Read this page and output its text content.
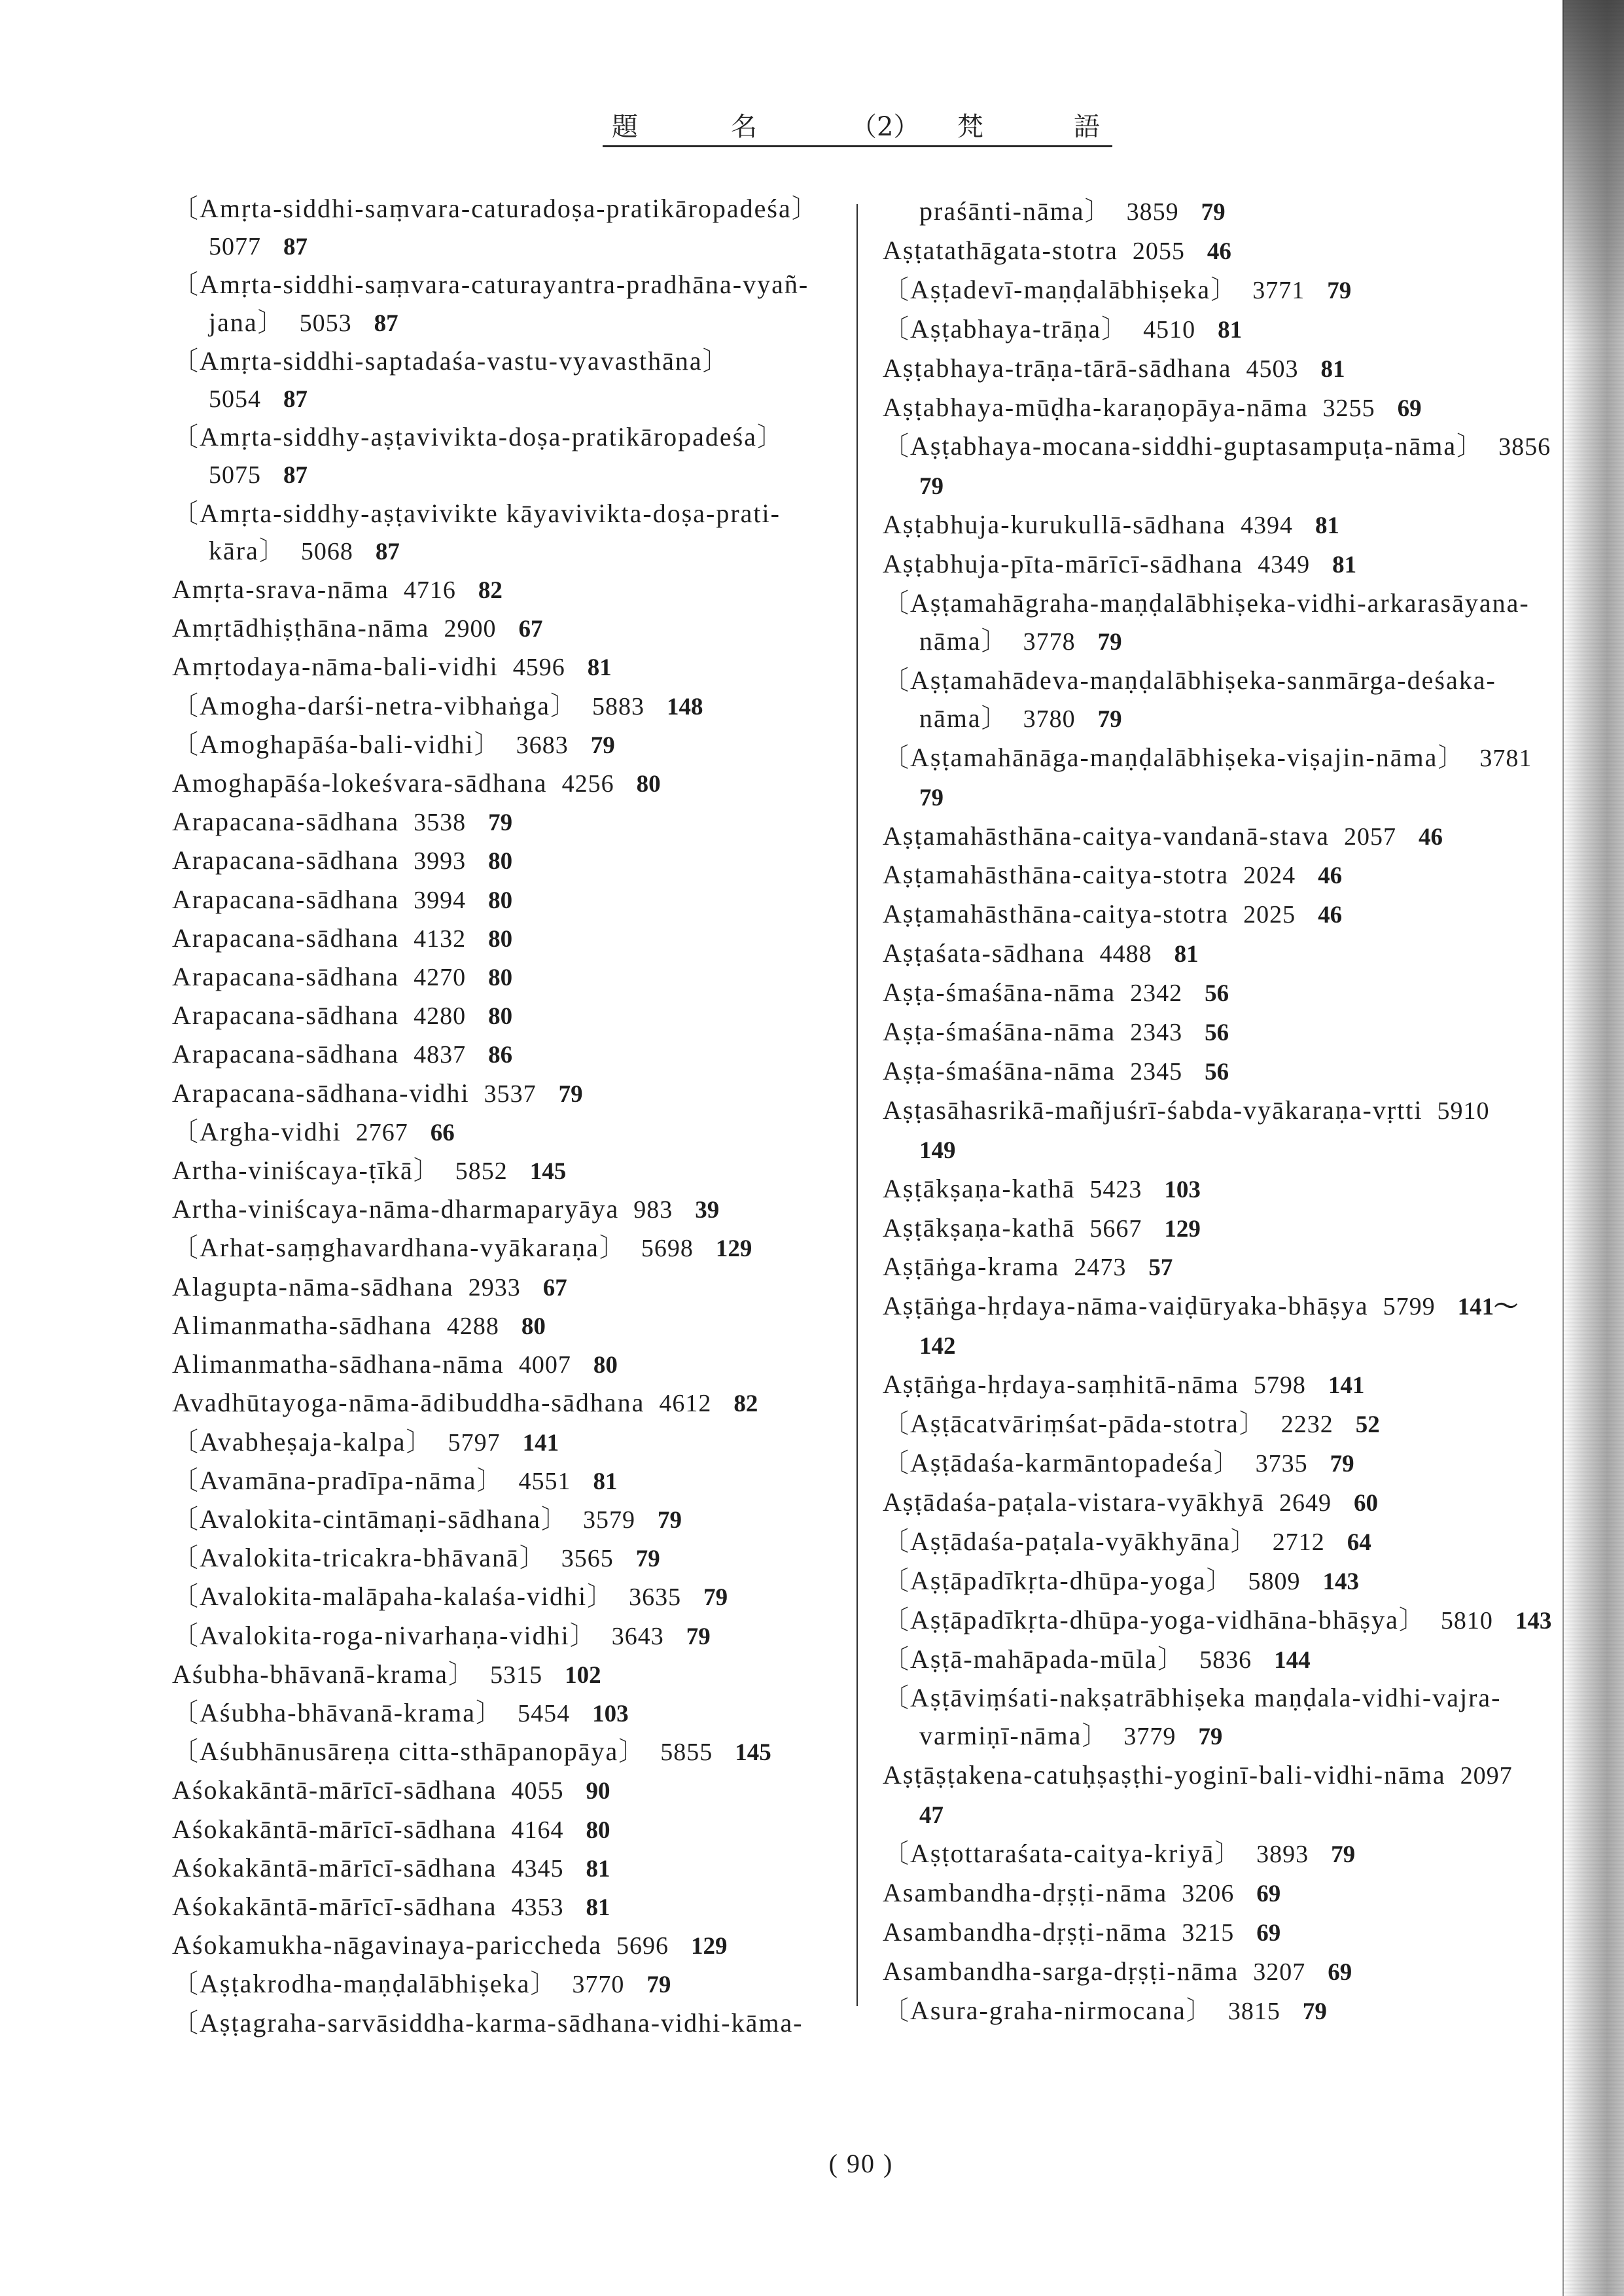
題名 （2） 梵語
〔Amṛta-siddhi-saṃvara-caturadoṣa-pratikāropadeśa〕
5077 87
〔Amṛta-siddhi-saṃvara-caturayantra-pradhāna-vyañ-
jana〕 5053 87
〔Amṛta-siddhi-saptadaśa-vastu-vyavasthāna〕
5054 87
〔Amṛta-siddhy-aṣṭavivikta-doṣa-pratikāropadeśa〕
5075 87
〔Amṛta-siddhy-aṣṭavivikte kāyavivikta-doṣa-prati-
kāra〕 5068 87
Amṛta-srava-nāma 4716 82
Amṛtādhiṣṭhāna-nāma 2900 67
Amṛtodaya-nāma-bali-vidhi 4596 81
〔Amogha-darśi-netra-vibhaṅga〕 5883 148
〔Amoghapāśa-bali-vidhi〕 3683 79
Amoghapāśa-lokeśvara-sādhana 4256 80
Arapacana-sādhana 3538 79
Arapacana-sādhana 3993 80
Arapacana-sādhana 3994 80
Arapacana-sādhana 4132 80
Arapacana-sādhana 4270 80
Arapacana-sādhana 4280 80
Arapacana-sādhana 4837 86
Arapacana-sādhana-vidhi 3537 79
〔Argha-vidhi 2767 66
Artha-viniścaya-ṭīkā〕 5852 145
Artha-viniścaya-nāma-dharmaparyāya 983 39
〔Arhat-saṃghavardhana-vyākaraṇa〕 5698 129
Alagupta-nāma-sādhana 2933 67
Alimanmatha-sādhana 4288 80
Alimanmatha-sādhana-nāma 4007 80
Avadhūtayoga-nāma-ādibuddha-sādhana 4612 82
〔Avabheṣaja-kalpa〕 5797 141
〔Avamāna-pradīpa-nāma〕 4551 81
〔Avalokita-cintāmaṇi-sādhana〕 3579 79
〔Avalokita-tricakra-bhāvanā〕 3565 79
〔Avalokita-malāpaha-kalaśa-vidhi〕 3635 79
〔Avalokita-roga-nivarhaṇa-vidhi〕 3643 79
Aśubha-bhāvanā-krama〕 5315 102
〔Aśubha-bhāvanā-krama〕 5454 103
〔Aśubhānusāreṇa citta-sthāpanopāya〕 5855 145
Aśokakāntā-mārīcī-sādhana 4055 90
Aśokakāntā-mārīcī-sādhana 4164 80
Aśokakāntā-mārīcī-sādhana 4345 81
Aśokakāntā-mārīcī-sādhana 4353 81
Aśokamukha-nāgavinaya-pariccheda 5696 129
〔Aṣṭakrodha-maṇḍalābhiṣeka〕 3770 79
〔Aṣṭagraha-sarvāsiddha-karma-sādhana-vidhi-kāma-
praśānti-nāma〕 3859 79
Aṣṭatathāgata-stotra 2055 46
〔Aṣṭadevī-maṇḍalābhiṣeka〕 3771 79
〔Aṣṭabhaya-trāṇa〕 4510 81
Aṣṭabhaya-trāṇa-tārā-sādhana 4503 81
Aṣṭabhaya-mūḍha-karaṇopāya-nāma 3255 69
〔Aṣṭabhaya-mocana-siddhi-guptasampuṭa-nāma〕 3856
79
Aṣṭabhuja-kurukullā-sādhana 4394 81
Aṣṭabhuja-pīta-mārīcī-sādhana 4349 81
〔Aṣṭamahāgraha-maṇḍalābhiṣeka-vidhi-arkarasāyana-
nāma〕 3778 79
〔Aṣṭamahādeva-maṇḍalābhiṣeka-sanmārga-deśaka-
nāma〕 3780 79
〔Aṣṭamahānāga-maṇḍalābhiṣeka-viṣajin-nāma〕 3781
79
Aṣṭamahāsthāna-caitya-vandanā-stava 2057 46
Aṣṭamahāsthāna-caitya-stotra 2024 46
Aṣṭamahāsthāna-caitya-stotra 2025 46
Aṣṭaśata-sādhana 4488 81
Aṣṭa-śmaśāna-nāma 2342 56
Aṣṭa-śmaśāna-nāma 2343 56
Aṣṭa-śmaśāna-nāma 2345 56
Aṣṭasāhasrikā-mañjuśrī-śabda-vyākaraṇa-vṛtti 5910
149
Aṣṭākṣaṇa-kathā 5423 103
Aṣṭākṣaṇa-kathā 5667 129
Aṣṭāṅga-krama 2473 57
Aṣṭāṅga-hṛdaya-nāma-vaiḍūryaka-bhāṣya 5799 141～
142
Aṣṭāṅga-hṛdaya-saṃhitā-nāma 5798 141
〔Aṣṭācatvāriṃśat-pāda-stotra〕 2232 52
〔Aṣṭādaśa-karmāntopadeśa〕 3735 79
Aṣṭādaśa-paṭala-vistara-vyākhyā 2649 60
〔Aṣṭādaśa-paṭala-vyākhyāna〕 2712 64
〔Aṣṭāpadīkṛta-dhūpa-yoga〕 5809 143
〔Aṣṭāpadīkṛta-dhūpa-yoga-vidhāna-bhāṣya〕 5810 143
〔Aṣṭā-mahāpada-mūla〕 5836 144
〔Aṣṭāviṃśati-nakṣatrābhiṣeka maṇḍala-vidhi-vajra-
varmiṇī-nāma〕 3779 79
Aṣṭāṣṭakena-catuḥṣaṣṭhi-yoginī-bali-vidhi-nāma 2097
47
〔Aṣṭottaraśata-caitya-kriyā〕 3893 79
Asambandha-dṛṣṭi-nāma 3206 69
Asambandha-dṛṣṭi-nāma 3215 69
Asambandha-sarga-dṛṣṭi-nāma 3207 69
〔Asura-graha-nirmocana〕 3815 79
( 90 )
